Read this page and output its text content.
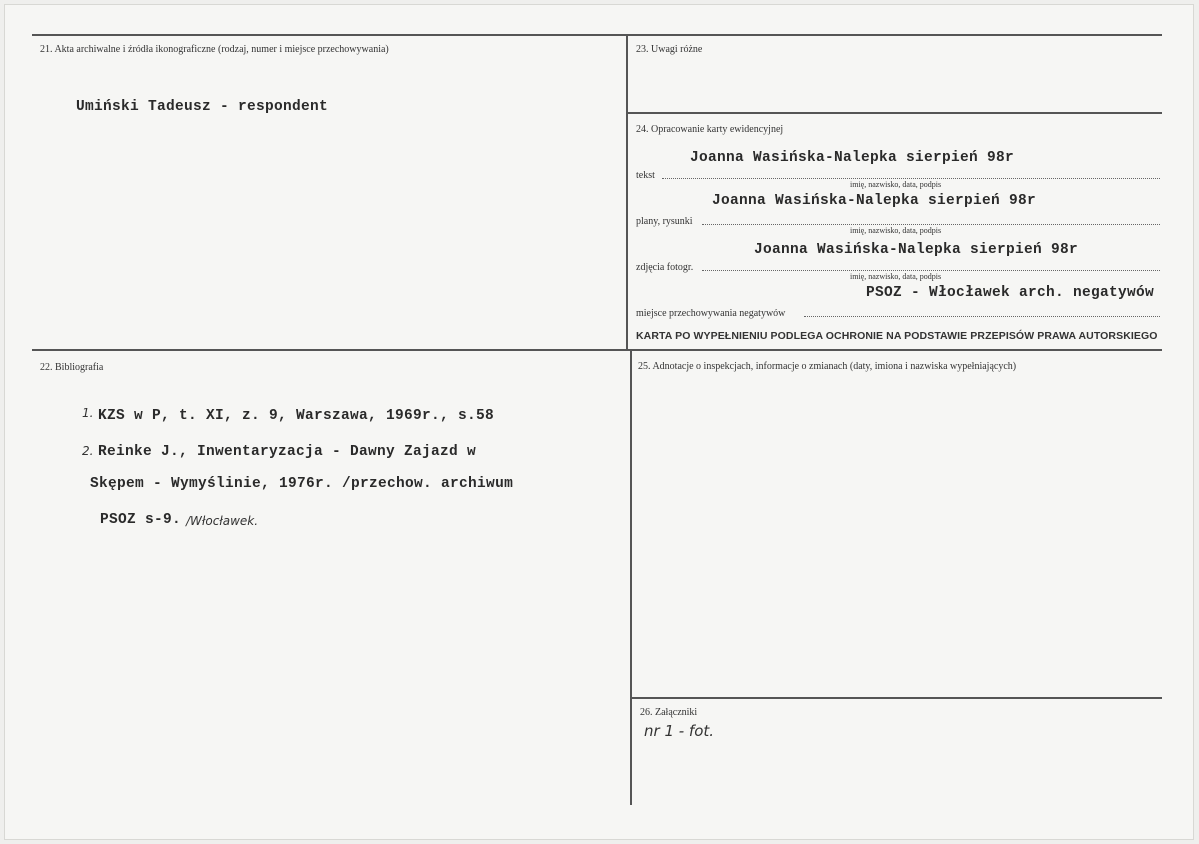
21. Akta archiwalne i źródła ikonograficzne (rodzaj, numer i miejsce przechowywania)
Umiński Tadeusz - respondent
23. Uwagi różne
24. Opracowanie karty ewidencyjnej
Joanna Wasińska-Nalepka sierpień 98r
tekst
imię, nazwisko, data, podpis
Joanna Wasińska-Nalepka sierpień 98r
plany, rysunki
imię, nazwisko, data, podpis
Joanna Wasińska-Nalepka sierpień 98r
zdjęcia fotogr.
imię, nazwisko, data, podpis
PSOZ - Włocławek arch. negatywów
miejsce przechowywania negatywów
KARTA PO WYPEŁNIENIU PODLEGA OCHRONIE NA PODSTAWIE PRZEPISÓW PRAWA AUTORSKIEGO
22. Bibliografia
1. KZS w P, t. XI, z. 9, Warszawa, 1969r., s.58
2. Reinke J., Inwentaryzacja - Dawny Zajazd w
Skępem - Wymyślinie, 1976r. /przechow. archiwum
PSOZ s-9. /Włocławek.
25. Adnotacje o inspekcjach, informacje o zmianach (daty, imiona i nazwiska wypełniających)
26. Załączniki
nr 1 - fot.
